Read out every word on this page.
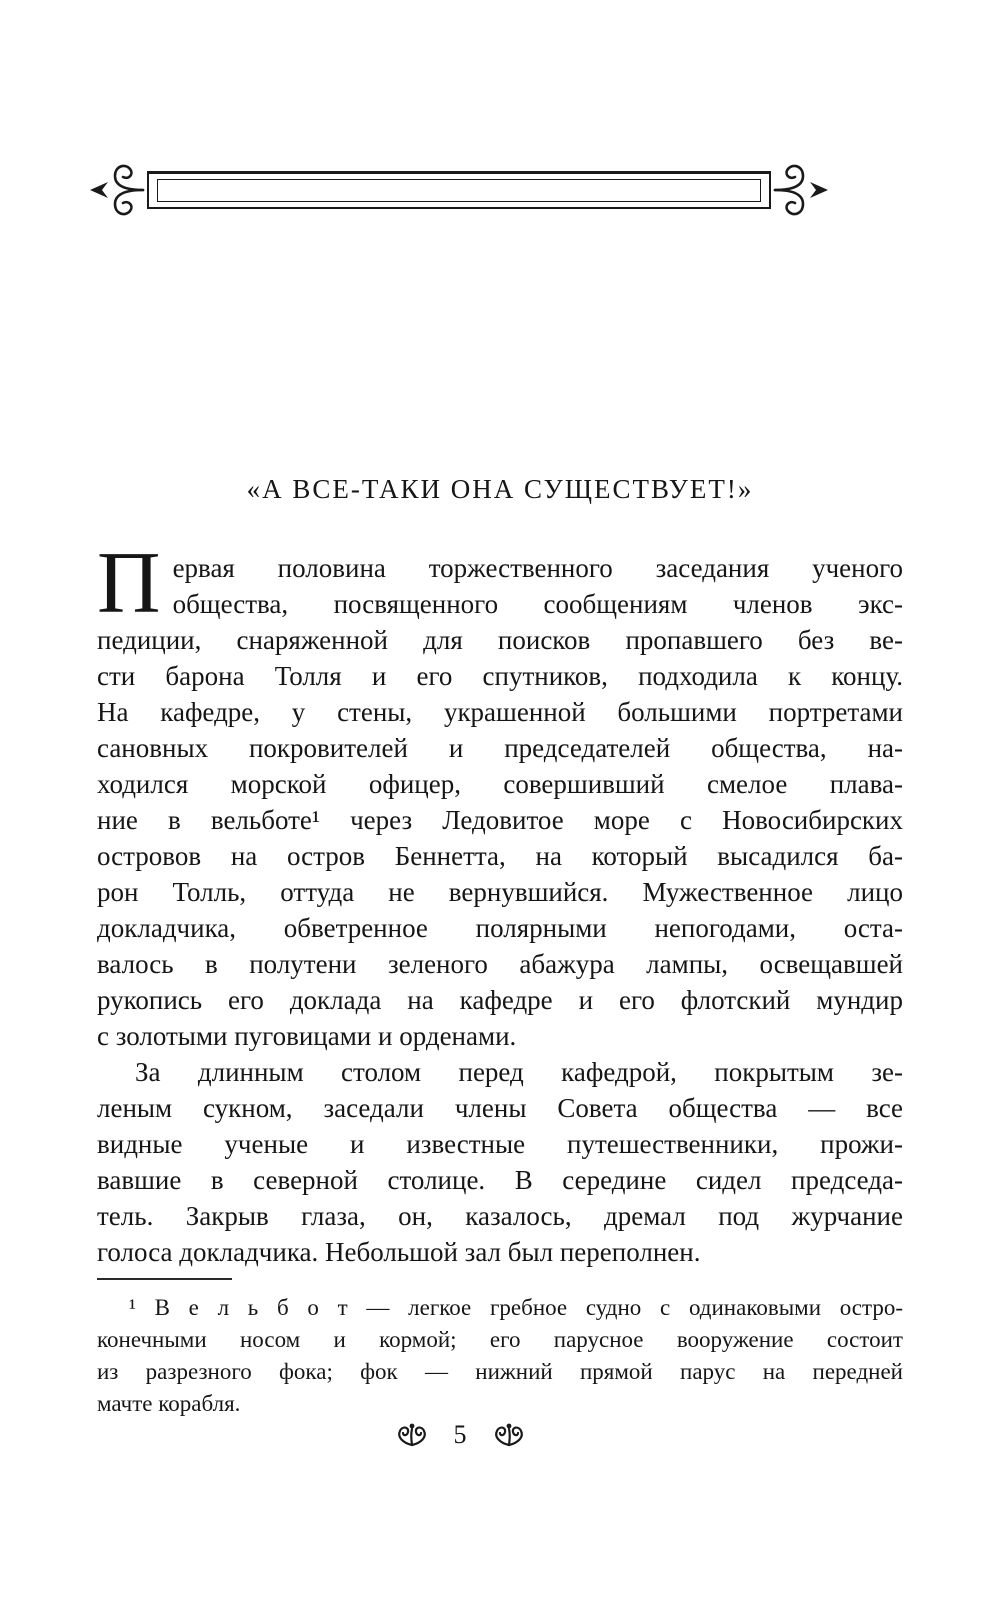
«А ВСЕ-ТАКИ ОНА СУЩЕСТВУЕТ!»
П ервая половина торжественного заседания ученого
общества, посвященного сообщениям членов экс-
педиции, снаряженной для поисков пропавшего без ве-
сти барона Толля и его спутников, подходила к концу.
На кафедре, у стены, украшенной большими портретами
сановных покровителей и председателей общества, на-
ходился морской офицер, совершивший смелое плава-
ние в вельботе¹ через Ледовитое море с Новосибирских
островов на остров Беннетта, на который высадился ба-
рон Толль, оттуда не вернувшийся. Мужественное лицо
докладчика, обветренное полярными непогодами, оста-
валось в полутени зеленого абажура лампы, освещавшей
рукопись его доклада на кафедре и его флотский мундир
с золотыми пуговицами и орденами.
За длинным столом перед кафедрой, покрытым зе-
леным сукном, заседали члены Совета общества — все
видные ученые и известные путешественники, прожи-
вавшие в северной столице. В середине сидел председа-
тель. Закрыв глаза, он, казалось, дремал под журчание
голоса докладчика. Небольшой зал был переполнен.
¹ В е л ь б о т — легкое гребное судно с одинаковыми остро-
конечными носом и кормой; его парусное вооружение состоит
из разрезного фока; фок — нижний прямой парус на передней
мачте корабля.
5
